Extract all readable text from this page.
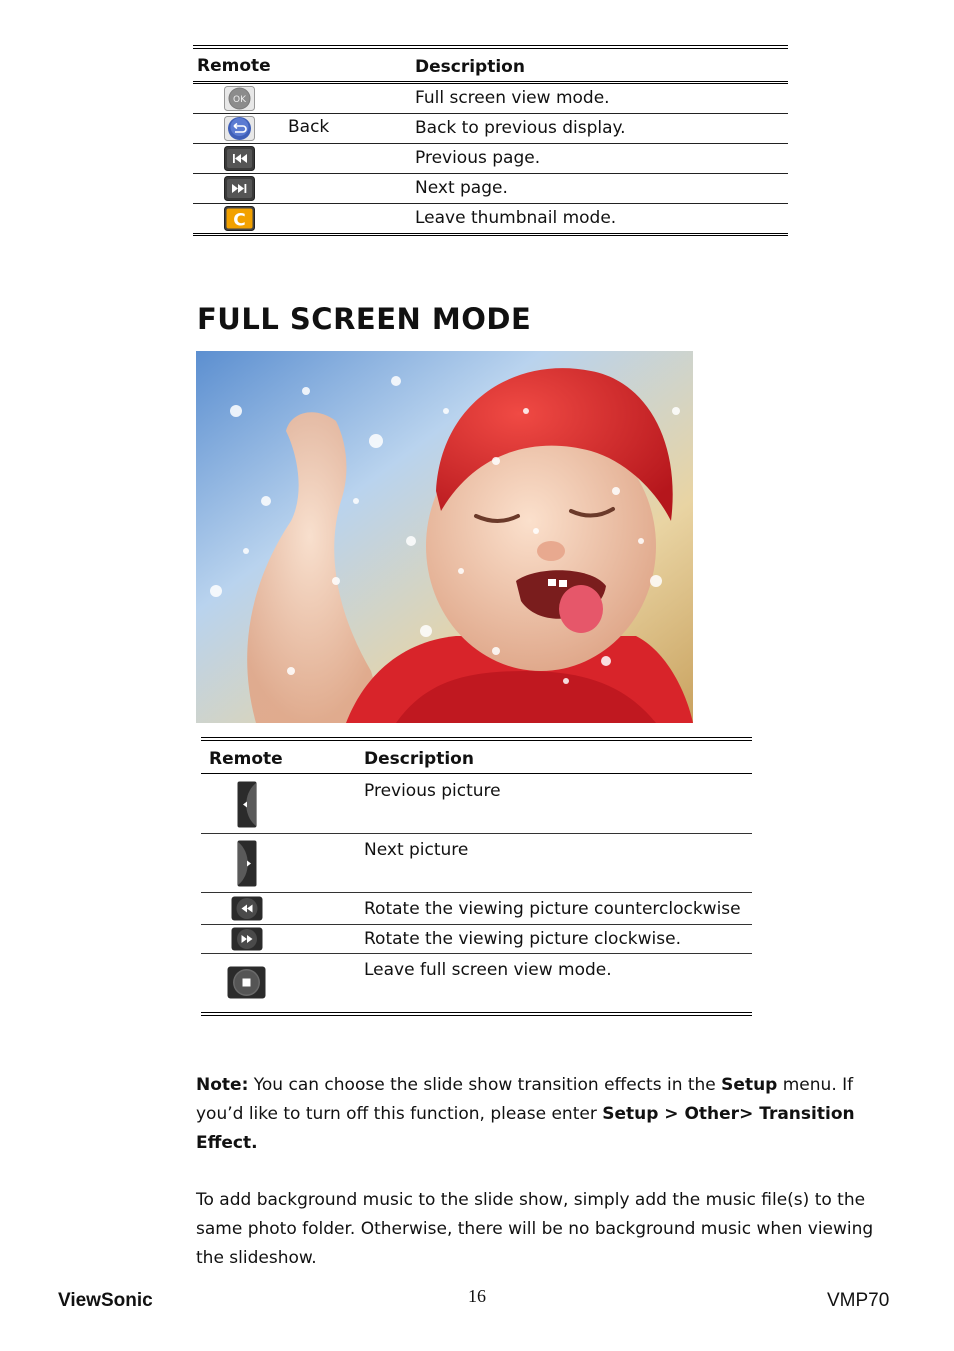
Remote	Description
OK	Full screen view mode.
Back	Back to previous display.
Previous page.
Next page.
C	Leave thumbnail mode.
FULL SCREEN MODE
Remote	Description
Previous picture
Next picture
Rotate the viewing picture counterclockwise
Rotate the viewing picture clockwise.
Leave full screen view mode.
Note: You can choose the slide show transition effects in the Setup menu. If you’d like to turn off this function, please enter Setup > Other> Transition Effect.
To add background music to the slide show, simply add the music file(s) to the same photo folder. Otherwise, there will be no background music when viewing the slideshow.
ViewSonic	16	VMP70
